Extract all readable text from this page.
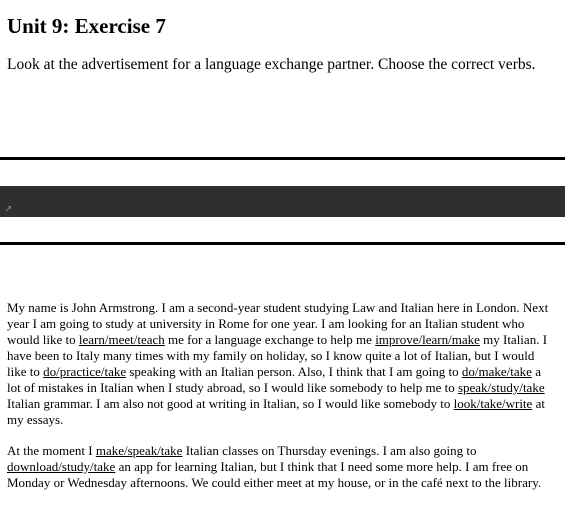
Unit 9: Exercise 7

Look at the advertisement for a language exchange partner. Choose the correct verbs.

↗

My name is John Armstrong. I am a second-year student studying Law and Italian here in London. Next year I am going to study at university in Rome for one year. I am looking for an Italian student who would like to learn/meet/teach me for a language exchange to help me improve/learn/make my Italian. I have been to Italy many times with my family on holiday, so I know quite a lot of Italian, but I would like to do/practice/take speaking with an Italian person. Also, I think that I am going to do/make/take a lot of mistakes in Italian when I study abroad, so I would like somebody to help me to speak/study/take Italian grammar. I am also not good at writing in Italian, so I would like somebody to look/take/write at my essays.

At the moment I make/speak/take Italian classes on Thursday evenings. I am also going to download/study/take an app for learning Italian, but I think that I need some more help. I am free on Monday or Wednesday afternoons. We could either meet at my house, or in the café next to the library.
